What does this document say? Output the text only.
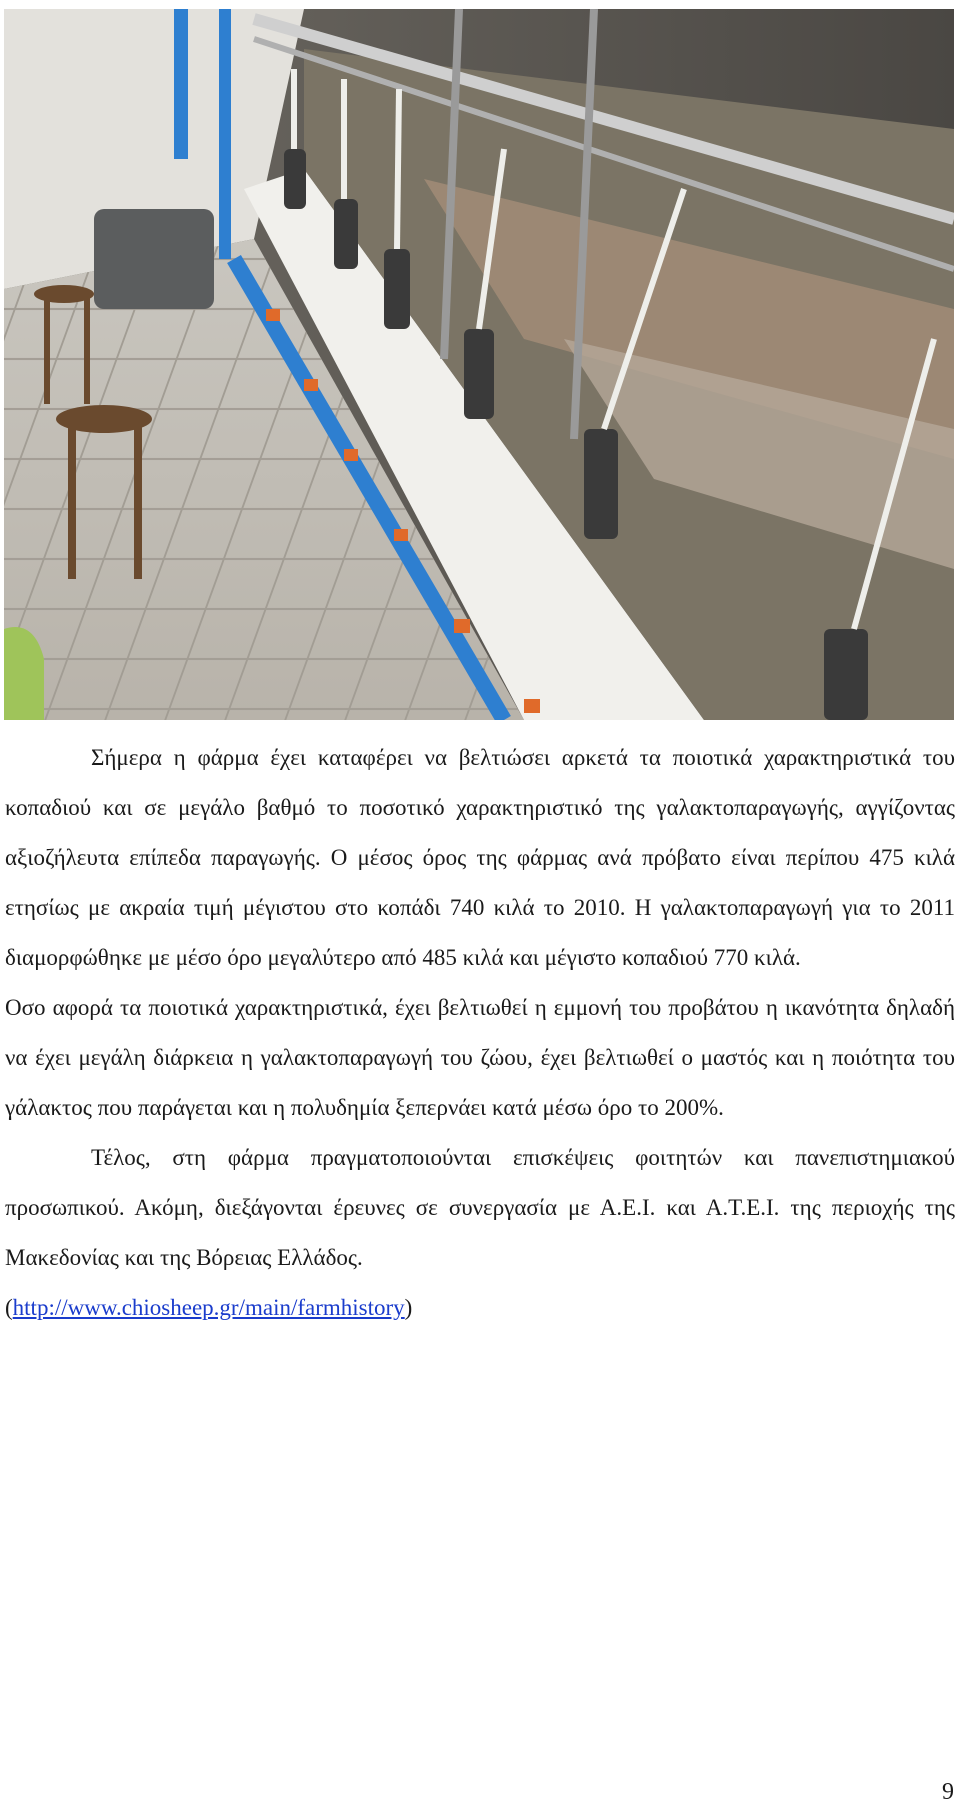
Σήμερα η φάρμα έχει καταφέρει να βελτιώσει αρκετά τα ποιοτικά χαρακτηριστικά του κοπαδιού και σε μεγάλο βαθμό το ποσοτικό χαρακτηριστικό της γαλακτοπαραγωγής, αγγίζοντας αξιοζήλευτα επίπεδα παραγωγής. Ο μέσος όρος της φάρμας ανά πρόβατο είναι περίπου 475 κιλά ετησίως με ακραία τιμή μέγιστου στο κοπάδι 740 κιλά το 2010. Η γαλακτοπαραγωγή για το 2011 διαμορφώθηκε με μέσο όρο μεγαλύτερο από 485 κιλά και μέγιστο κοπαδιού 770 κιλά.

Οσο αφορά τα ποιοτικά χαρακτηριστικά, έχει βελτιωθεί η εμμονή του προβάτου η ικανότητα δηλαδή να έχει μεγάλη διάρκεια η γαλακτοπαραγωγή του ζώου, έχει βελτιωθεί ο μαστός και η ποιότητα του γάλακτος που παράγεται και η πολυδημία ξεπερνάει κατά μέσω όρο το 200%.

Τέλος, στη φάρμα πραγματοποιούνται επισκέψεις φοιτητών και πανεπιστημιακού προσωπικού. Ακόμη, διεξάγονται έρευνες σε συνεργασία με Α.Ε.Ι. και Α.Τ.Ε.Ι. της περιοχής της Μακεδονίας και της Βόρειας Ελλάδος.

(http://www.chiosheep.gr/main/farmhistory)

9
